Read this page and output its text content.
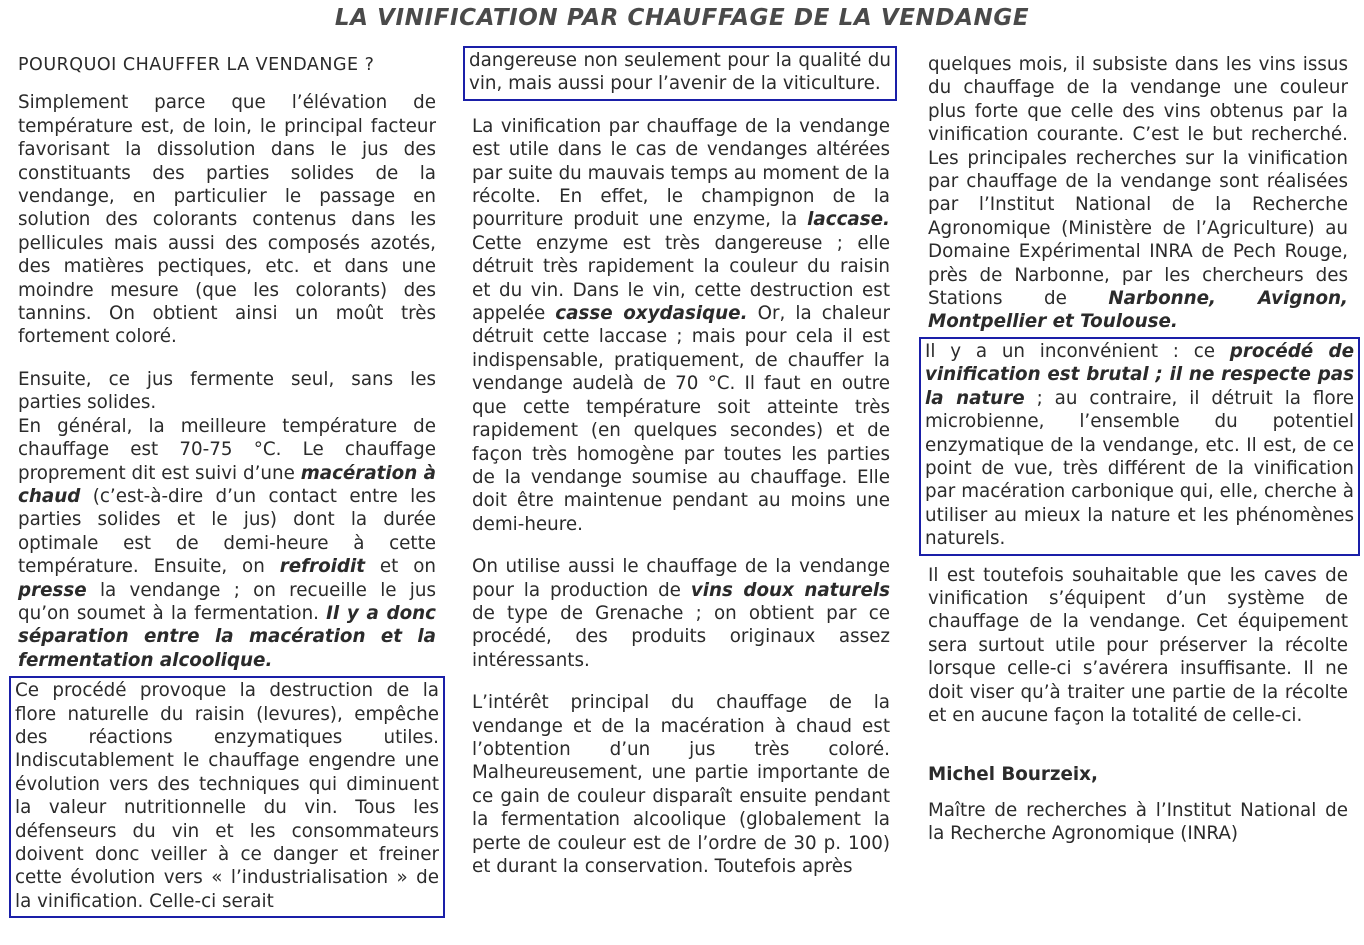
LA VINIFICATION PAR CHAUFFAGE DE LA VENDANGE

POURQUOI CHAUFFER LA VENDANGE ?

Simplement parce que l’élévation de température est, de loin, le principal facteur favorisant la dissolution dans le jus des constituants des parties solides de la vendange, en particulier le passage en solution des colorants contenus dans les pellicules mais aussi des composés azotés, des matières pectiques, etc. et dans une moindre mesure (que les colorants) des tannins. On obtient ainsi un moût très fortement coloré.

Ensuite, ce jus fermente seul, sans les parties solides.

En général, la meilleure température de chauffage est 70-75 °C. Le chauffage proprement dit est suivi d’une macération à chaud (c’est-à-dire d’un contact entre les parties solides et le jus) dont la durée optimale est de demi-heure à cette température. Ensuite, on refroidit et on presse la vendange ; on recueille le jus qu’on soumet à la fermentation. Il y a donc séparation entre la macération et la fermentation alcoolique.

Ce procédé provoque la destruction de la flore naturelle du raisin (levures), empêche des réactions enzymatiques utiles. Indiscutablement le chauffage engendre une évolution vers des techniques qui diminuent la valeur nutritionnelle du vin. Tous les défenseurs du vin et les consommateurs doivent donc veiller à ce danger et freiner cette évolution vers « l’industrialisation » de la vinification. Celle-ci serait

dangereuse non seulement pour la qualité du vin, mais aussi pour l’avenir de la viticulture.

La vinification par chauffage de la vendange est utile dans le cas de vendanges altérées par suite du mauvais temps au moment de la récolte. En effet, le champignon de la pourriture produit une enzyme, la laccase. Cette enzyme est très dangereuse ; elle détruit très rapidement la couleur du raisin et du vin. Dans le vin, cette destruction est appelée casse oxydasique. Or, la chaleur détruit cette laccase ; mais pour cela il est indispensable, pratiquement, de chauffer la vendange audelà de 70 °C. Il faut en outre que cette température soit atteinte très rapidement (en quelques secondes) et de façon très homogène par toutes les parties de la vendange soumise au chauffage. Elle doit être maintenue pendant au moins une demi-heure.

On utilise aussi le chauffage de la vendange pour la production de vins doux naturels de type de Grenache ; on obtient par ce procédé, des produits originaux assez intéressants.

L’intérêt principal du chauffage de la vendange et de la macération à chaud est l’obtention d’un jus très coloré. Malheureusement, une partie importante de ce gain de couleur disparaît ensuite pendant la fermentation alcoolique (globalement la perte de couleur est de l’ordre de 30 p. 100) et durant la conservation. Toutefois après

quelques mois, il subsiste dans les vins issus du chauffage de la vendange une couleur plus forte que celle des vins obtenus par la vinification courante. C’est le but recherché. Les principales recherches sur la vinification par chauffage de la vendange sont réalisées par l’Institut National de la Recherche Agronomique (Ministère de l’Agriculture) au Domaine Expérimental INRA de Pech Rouge, près de Narbonne, par les chercheurs des Stations de Narbonne, Avignon, Montpellier et Toulouse.

Il y a un inconvénient : ce procédé de vinification est brutal ; il ne respecte pas la nature ; au contraire, il détruit la flore microbienne, l’ensemble du potentiel enzymatique de la vendange, etc. Il est, de ce point de vue, très différent de la vinification par macération carbonique qui, elle, cherche à utiliser au mieux la nature et les phénomènes naturels.

Il est toutefois souhaitable que les caves de vinification s’équipent d’un système de chauffage de la vendange. Cet équipement sera surtout utile pour préserver la récolte lorsque celle-ci s’avérera insuffisante. Il ne doit viser qu’à traiter une partie de la récolte et en aucune façon la totalité de celle-ci.

Michel Bourzeix,

Maître de recherches à l’Institut National de la Recherche Agronomique (INRA)
